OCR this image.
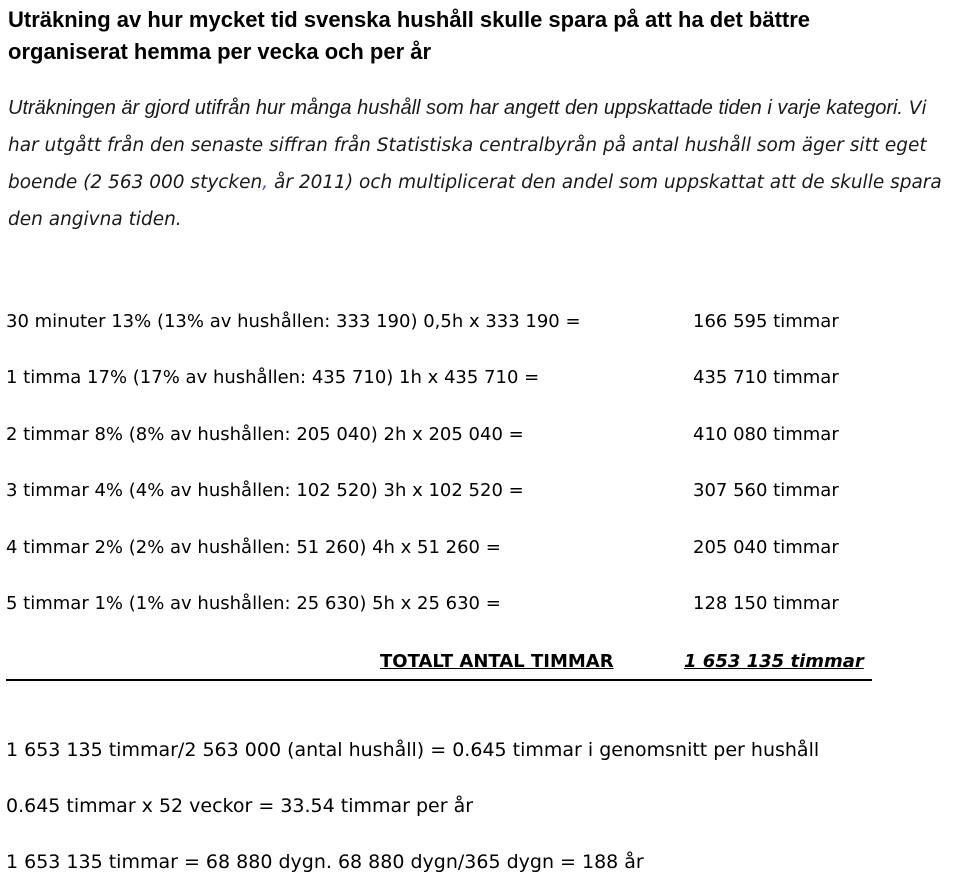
Uträkning av hur mycket tid svenska hushåll skulle spara på att ha det bättre
organiserat hemma per vecka och per år

Uträkningen är gjord utifrån hur många hushåll som har angett den uppskattade tiden i varje kategori. Vi har utgått från den senaste siffran från Statistiska centralbyrån på antal hushåll som äger sitt eget boende (2 563 000 stycken, år 2011) och multiplicerat den andel som uppskattat att de skulle spara den angivna tiden.

30 minuter 13% (13% av hushållen: 333 190) 0,5h x 333 190 =	166 595 timmar
1 timma 17% (17% av hushållen: 435 710) 1h x 435 710 =	435 710 timmar
2 timmar 8% (8% av hushållen: 205 040) 2h x 205 040 =	410 080 timmar
3 timmar 4% (4% av hushållen: 102 520) 3h x 102 520 =	307 560 timmar
4 timmar 2% (2% av hushållen: 51 260) 4h x 51 260 =	205 040 timmar
5 timmar 1% (1% av hushållen: 25 630) 5h x 25 630 =	128 150 timmar
TOTALT ANTAL TIMMAR	1 653 135 timmar
1 653 135 timmar/2 563 000 (antal hushåll) = 0.645 timmar i genomsnitt per hushåll
0.645 timmar x 52 veckor = 33.54 timmar per år
1 653 135 timmar = 68 880 dygn. 68 880 dygn/365 dygn = 188 år
